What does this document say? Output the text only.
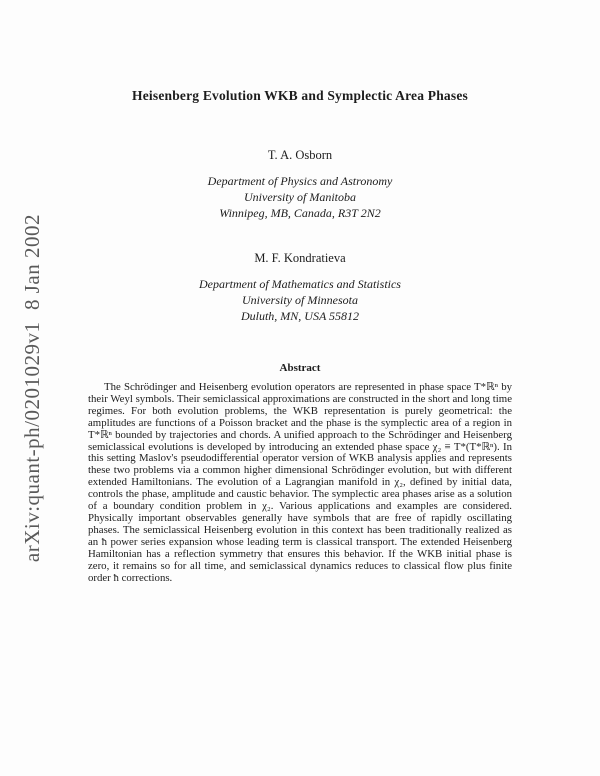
arXiv:quant-ph/0201029v1  8 Jan 2002
Heisenberg Evolution WKB and Symplectic Area Phases
T. A. Osborn
Department of Physics and Astronomy
University of Manitoba
Winnipeg, MB, Canada, R3T 2N2
M. F. Kondratieva
Department of Mathematics and Statistics
University of Minnesota
Duluth, MN, USA 55812
Abstract

The Schrödinger and Heisenberg evolution operators are represented in phase space T*ℝⁿ by their Weyl symbols. Their semiclassical approximations are constructed in the short and long time regimes. For both evolution problems, the WKB representation is purely geometrical: the amplitudes are functions of a Poisson bracket and the phase is the symplectic area of a region in T*ℝⁿ bounded by trajectories and chords. A unified approach to the Schrödinger and Heisenberg semiclassical evolutions is developed by introducing an extended phase space χ₂ ≡ T*(T*ℝⁿ). In this setting Maslov's pseudodifferential operator version of WKB analysis applies and represents these two problems via a common higher dimensional Schrödinger evolution, but with different extended Hamiltonians. The evolution of a Lagrangian manifold in χ₂, defined by initial data, controls the phase, amplitude and caustic behavior. The symplectic area phases arise as a solution of a boundary condition problem in χ₂. Various applications and examples are considered. Physically important observables generally have symbols that are free of rapidly oscillating phases. The semiclassical Heisenberg evolution in this context has been traditionally realized as an ħ power series expansion whose leading term is classical transport. The extended Heisenberg Hamiltonian has a reflection symmetry that ensures this behavior. If the WKB initial phase is zero, it remains so for all time, and semiclassical dynamics reduces to classical flow plus finite order ħ corrections.
